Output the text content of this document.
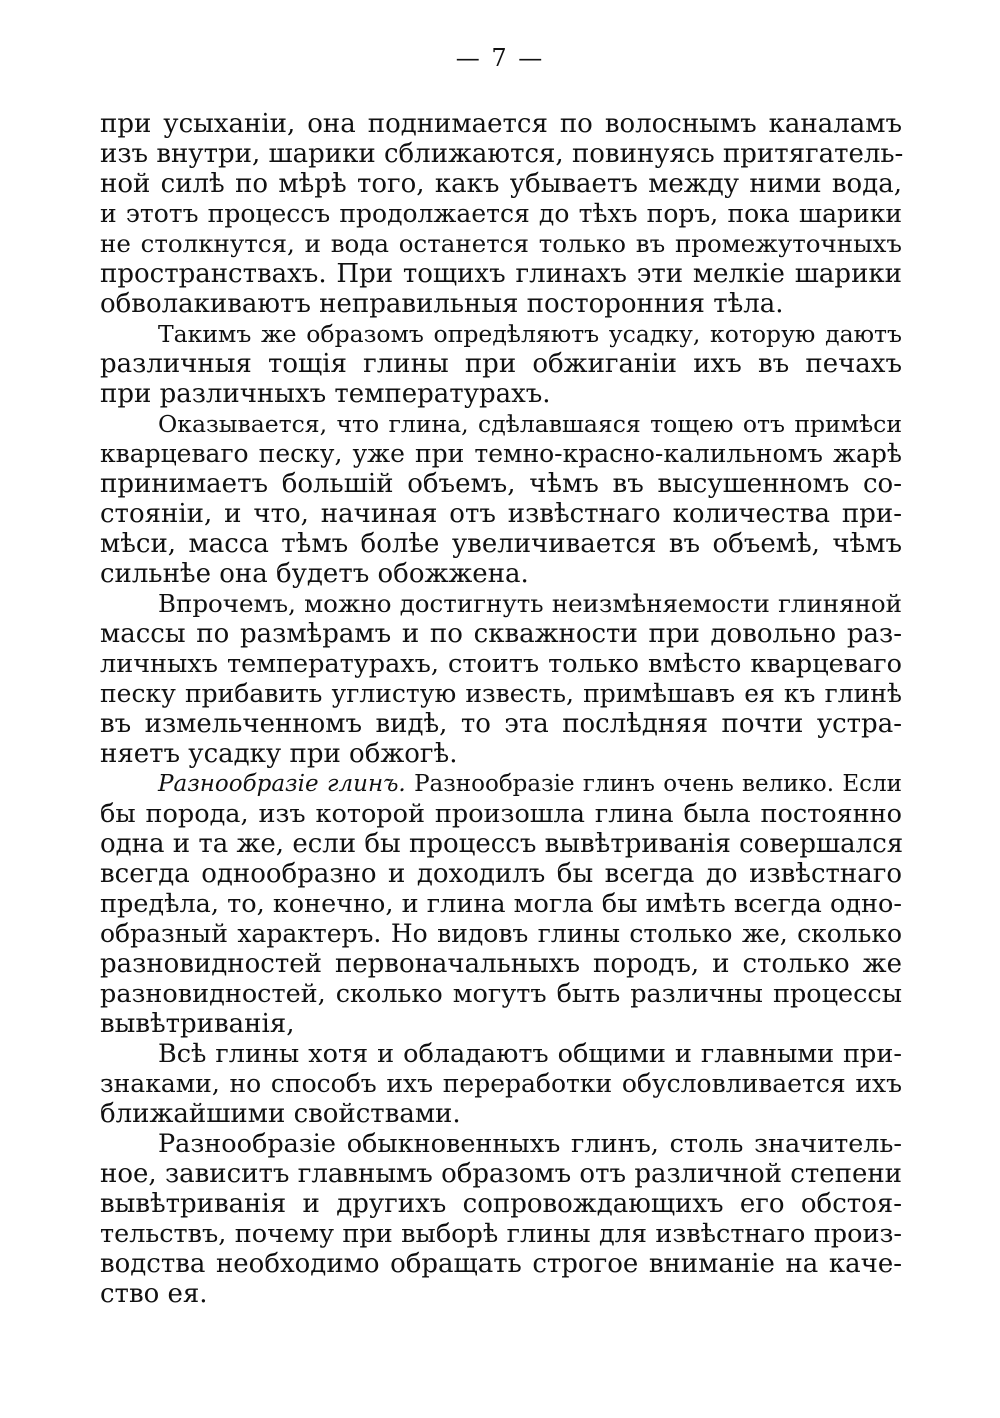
— 7 —
при усыханіи, она поднимается по волоснымъ каналамъ
изъ внутри, шарики сближаются, повинуясь притягатель-
ной силѣ по мѣрѣ того, какъ убываетъ между ними вода,
и этотъ процессъ продолжается до тѣхъ поръ, пока шарики
не столкнутся, и вода останется только въ промежуточныхъ
пространствахъ. При тощихъ глинахъ эти мелкіе шарики
обволакиваютъ неправильныя посторонния тѣла.
Такимъ же образомъ опредѣляютъ усадку, которую даютъ
различныя тощія глины при обжиганіи ихъ въ печахъ
при различныхъ температурахъ.
Оказывается, что глина, сдѣлавшаяся тощею отъ примѣси
кварцеваго песку, уже при темно-красно-калильномъ жарѣ
принимаетъ большій объемъ, чѣмъ въ высушенномъ со-
стояніи, и что, начиная отъ извѣстнаго количества при-
мѣси, масса тѣмъ болѣе увеличивается въ объемѣ, чѣмъ
сильнѣе она будетъ обожжена.
Впрочемъ, можно достигнуть неизмѣняемости глиняной
массы по размѣрамъ и по скважности при довольно раз-
личныхъ температурахъ, стоитъ только вмѣсто кварцеваго
песку прибавить углистую известь, примѣшавъ ея къ глинѣ
въ измельченномъ видѣ, то эта послѣдняя почти устра-
няетъ усадку при обжогѣ.
Разнообразіе глинъ. Разнообразіе глинъ очень велико. Если
бы порода, изъ которой произошла глина была постоянно
одна и та же, если бы процессъ вывѣтриванія совершался
всегда однообразно и доходилъ бы всегда до извѣстнаго
предѣла, то, конечно, и глина могла бы имѣть всегда одно-
образный характеръ. Но видовъ глины столько же, сколько
разновидностей первоначальныхъ породъ, и столько же
разновидностей, сколько могутъ быть различны процессы
вывѣтриванія,
Всѣ глины хотя и обладаютъ общими и главными при-
знаками, но способъ ихъ переработки обусловливается ихъ
ближайшими свойствами.
Разнообразіе обыкновенныхъ глинъ, столь значитель-
ное, зависитъ главнымъ образомъ отъ различной степени
вывѣтриванія и другихъ сопровождающихъ его обстоя-
тельствъ, почему при выборѣ глины для извѣстнаго произ-
водства необходимо обращать строгое вниманіе на каче-
ство ея.
